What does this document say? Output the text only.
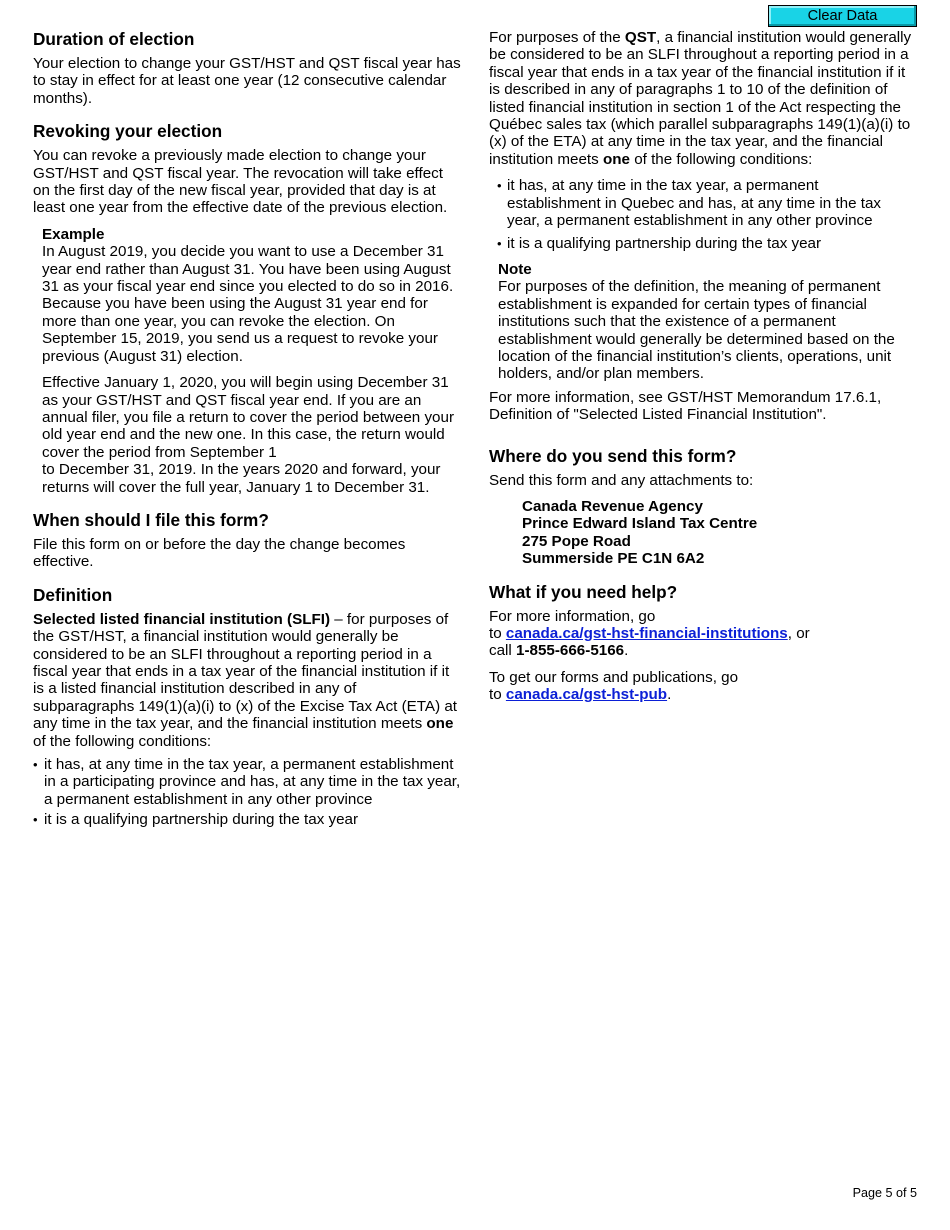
Clear Data
Duration of election

Your election to change your GST/HST and QST fiscal year has to stay in effect for at least one year (12 consecutive calendar months).

Revoking your election

You can revoke a previously made election to change your GST/HST and QST fiscal year. The revocation will take effect on the first day of the new fiscal year, provided that day is at least one year from the effective date of the previous election.

Example

In August 2019, you decide you want to use a December 31 year end rather than August 31. You have been using August 31 as your fiscal year end since you elected to do so in 2016. Because you have been using the August 31 year end for more than one year, you can revoke the election. On September 15, 2019, you send us a request to revoke your previous (August 31) election.

Effective January 1, 2020, you will begin using December 31 as your GST/HST and QST fiscal year end. If you are an annual filer, you file a return to cover the period between your old year end and the new one. In this case, the return would cover the period from September 1

to December 31, 2019. In the years 2020 and forward, your returns will cover the full year, January 1 to December 31.

When should I file this form?

File this form on or before the day the change becomes effective.

Definition

Selected listed financial institution (SLFI) – for purposes of the GST/HST, a financial institution would generally be considered to be an SLFI throughout a reporting period in a fiscal year that ends in a tax year of the financial institution if it is a listed financial institution described in any of subparagraphs 149(1)(a)(i) to (x) of the Excise Tax Act (ETA) at any time in the tax year, and the financial institution meets one of the following conditions:

• it has, at any time in the tax year, a permanent establishment in a participating province and has, at any time in the tax year, a permanent establishment in any other province
• it is a qualifying partnership during the tax year

For purposes of the QST, a financial institution would generally be considered to be an SLFI throughout a reporting period in a fiscal year that ends in a tax year of the financial institution if it is described in any of paragraphs 1 to 10 of the definition of listed financial institution in section 1 of the Act respecting the Québec sales tax (which parallel subparagraphs 149(1)(a)(i) to (x) of the ETA) at any time in the tax year, and the financial institution meets one of the following conditions:

• it has, at any time in the tax year, a permanent establishment in Quebec and has, at any time in the tax year, a permanent establishment in any other province
• it is a qualifying partnership during the tax year

Note

For purposes of the definition, the meaning of permanent establishment is expanded for certain types of financial institutions such that the existence of a permanent establishment would generally be determined based on the location of the financial institution’s clients, operations, unit holders, and/or plan members.

For more information, see GST/HST Memorandum 17.6.1, Definition of "Selected Listed Financial Institution".

Where do you send this form?

Send this form and any attachments to:

Canada Revenue Agency
Prince Edward Island Tax Centre
275 Pope Road
Summerside PE C1N 6A2
What if you need help?

For more information, go
to canada.ca/gst-hst-financial-institutions, or
call 1-855-666-5166.

To get our forms and publications, go
to canada.ca/gst-hst-pub.

Page 5 of 5
